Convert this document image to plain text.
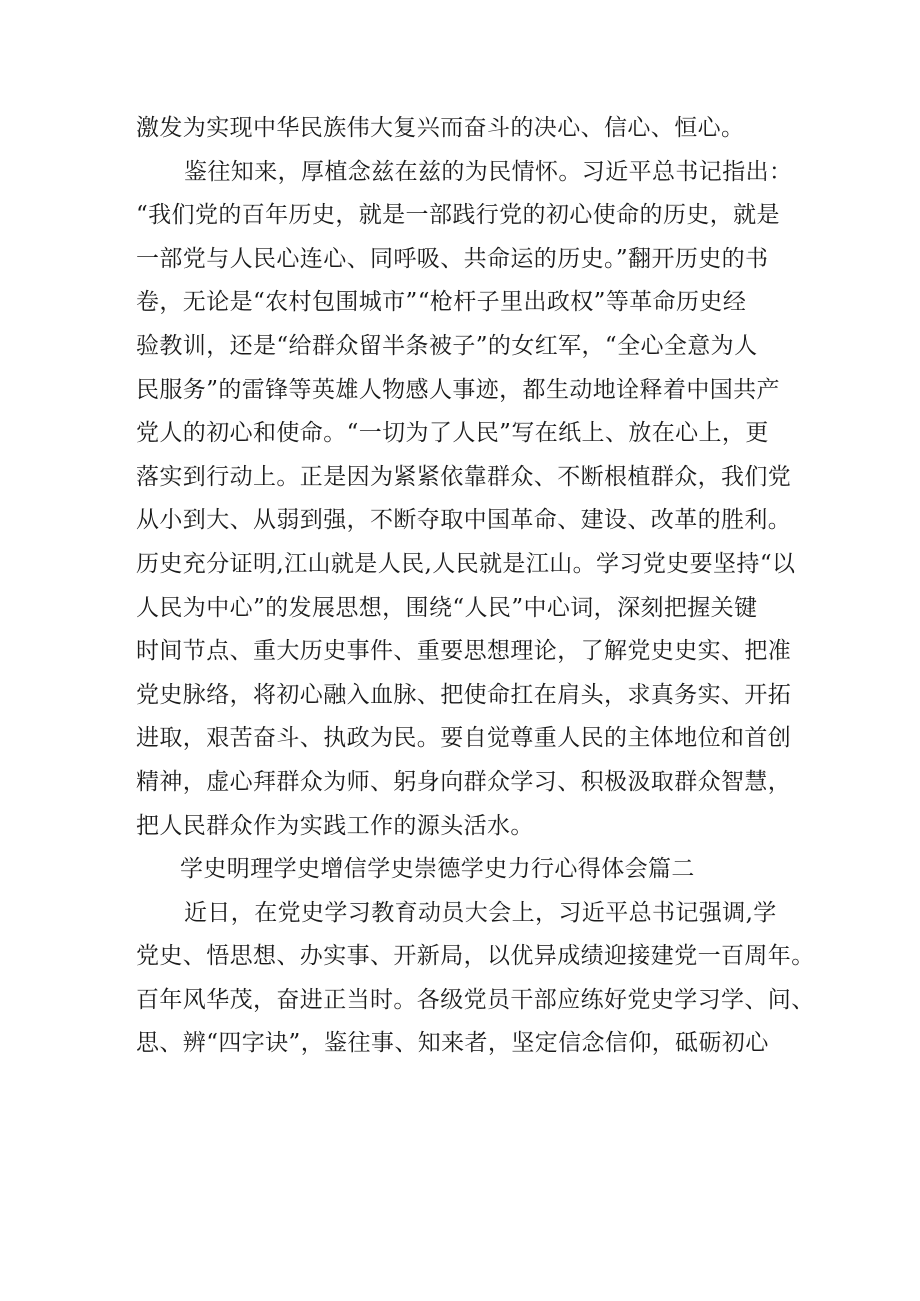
激发为实现中华民族伟大复兴而奋斗的决心、信心、恒心。
鉴往知来，厚植念兹在兹的为民情怀。习近平总书记指出：
“我们党的百年历史，就是一部践行党的初心使命的历史，就是
一部党与人民心连心、同呼吸、共命运的历史。”翻开历史的书
卷，无论是“农村包围城市”“枪杆子里出政权”等革命历史经
验教训，还是“给群众留半条被子”的女红军，“全心全意为人
民服务”的雷锋等英雄人物感人事迹，都生动地诠释着中国共产
党人的初心和使命。“一切为了人民”写在纸上、放在心上，更
落实到行动上。正是因为紧紧依靠群众、不断根植群众，我们党
从小到大、从弱到强，不断夺取中国革命、建设、改革的胜利。
历史充分证明,江山就是人民,人民就是江山。学习党史要坚持“以
人民为中心”的发展思想，围绕“人民”中心词，深刻把握关键
时间节点、重大历史事件、重要思想理论，了解党史史实、把准
党史脉络，将初心融入血脉、把使命扛在肩头，求真务实、开拓
进取，艰苦奋斗、执政为民。要自觉尊重人民的主体地位和首创
精神，虚心拜群众为师、躬身向群众学习、积极汲取群众智慧，
把人民群众作为实践工作的源头活水。
学史明理学史增信学史崇德学史力行心得体会篇二
近日，在党史学习教育动员大会上，习近平总书记强调,学
党史、悟思想、办实事、开新局，以优异成绩迎接建党一百周年。
百年风华茂，奋进正当时。各级党员干部应练好党史学习学、问、
思、辨“四字诀”，鉴往事、知来者，坚定信念信仰，砥砺初心
